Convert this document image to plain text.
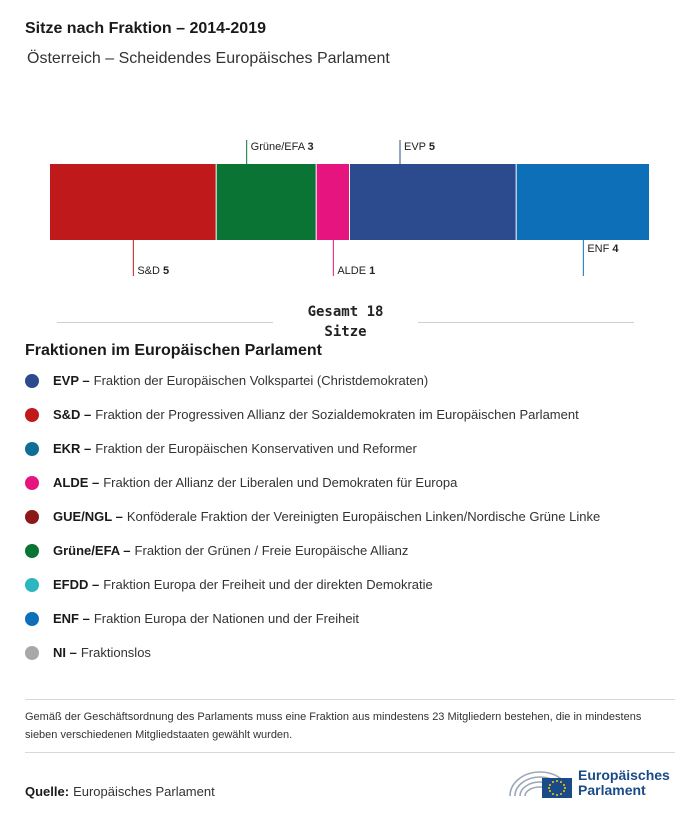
Sitze nach Fraktion – 2014-2019
Österreich – Scheidendes Europäisches Parlament
S&D 5
Grüne/EFA 3
ALDE 1
EVP 5
ENF 4
Gesamt 18
Sitze
Fraktionen im Europäischen Parlament
EVP – Fraktion der Europäischen Volkspartei (Christdemokraten)
S&D – Fraktion der Progressiven Allianz der Sozialdemokraten im Europäischen Parlament
EKR – Fraktion der Europäischen Konservativen und Reformer
ALDE – Fraktion der Allianz der Liberalen und Demokraten für Europa
GUE/NGL – Konföderale Fraktion der Vereinigten Europäischen Linken/Nordische Grüne Linke
Grüne/EFA – Fraktion der Grünen / Freie Europäische Allianz
EFDD – Fraktion Europa der Freiheit und der direkten Demokratie
ENF – Fraktion Europa der Nationen und der Freiheit
NI – Fraktionslos
Gemäß der Geschäftsordnung des Parlaments muss eine Fraktion aus mindestens 23 Mitgliedern bestehen, die in mindestens sieben verschiedenen Mitgliedstaaten gewählt wurden.
Quelle: Europäisches Parlament
Europäisches
Parlament
